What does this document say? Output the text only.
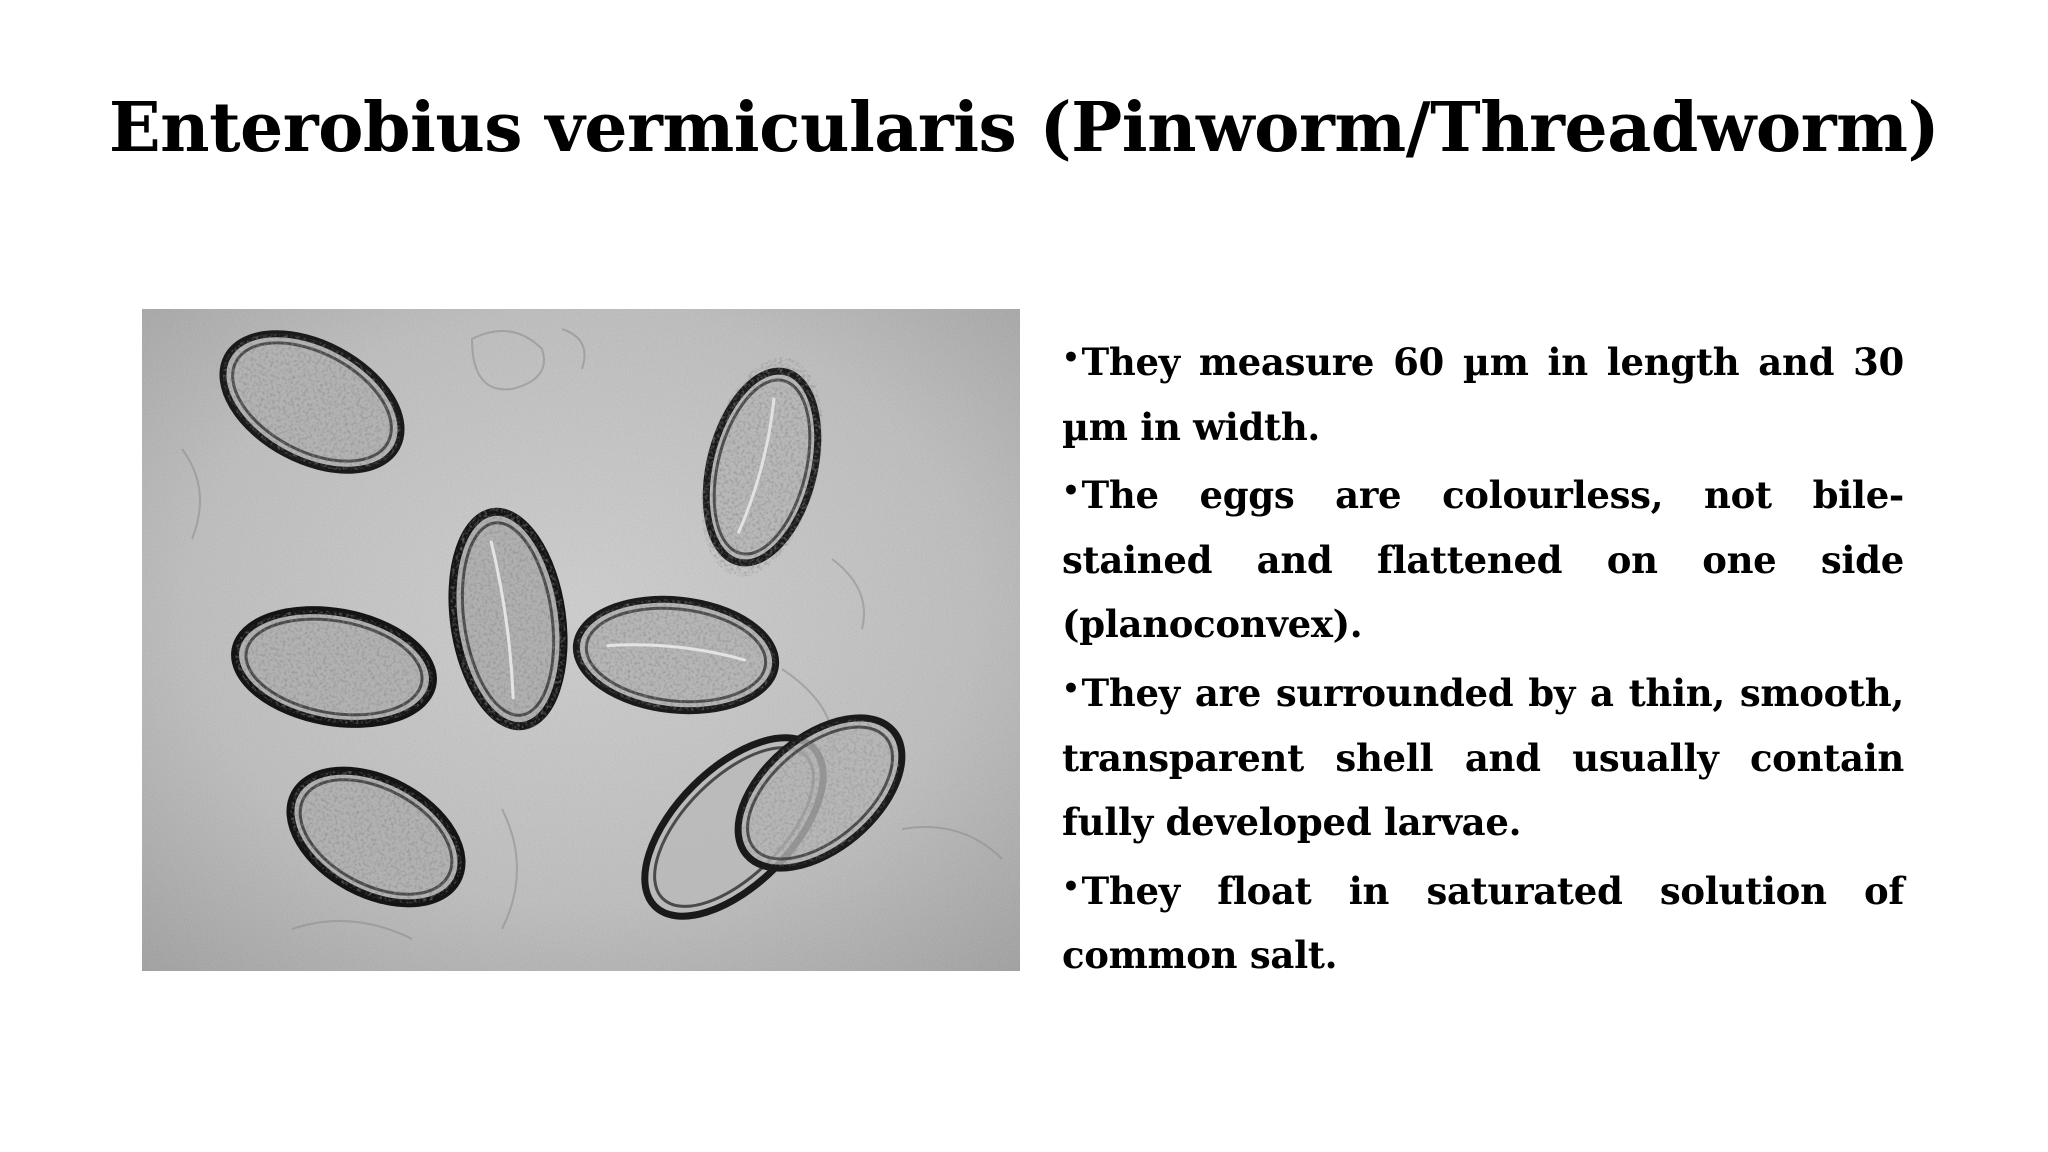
Enterobius vermicularis (Pinworm/Threadworm)
•They measure 60 µm in length and 30 µm in width.
•The eggs are colourless, not bile-stained and flattened on one side (planoconvex).
•They are surrounded by a thin, smooth, transparent shell and usually contain fully developed larvae.
•They float in saturated solution of common salt.
